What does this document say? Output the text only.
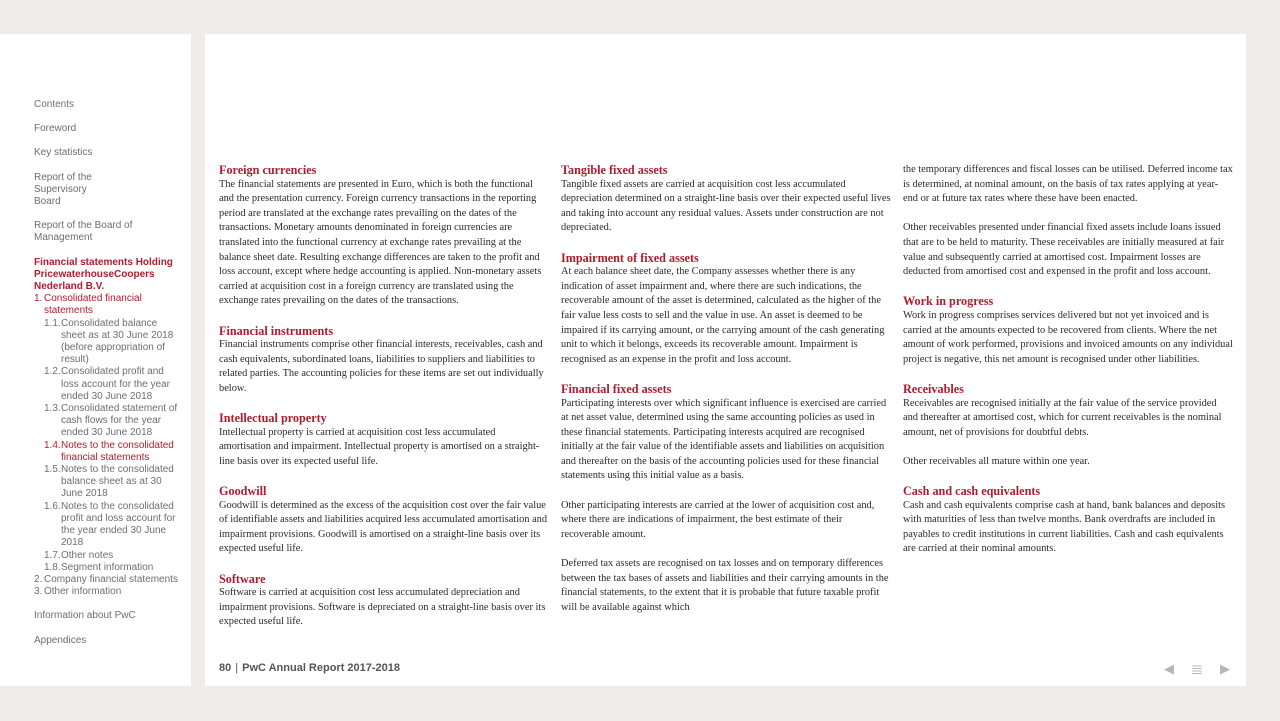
Contents
Foreword
Key statistics
Report of the Supervisory Board
Report of the Board of Management
Financial statements Holding PricewaterhouseCoopers Nederland B.V.
1. Consolidated financial statements
1.1. Consolidated balance sheet as at 30 June 2018 (before appropriation of result)
1.2. Consolidated profit and loss account for the year ended 30 June 2018
1.3. Consolidated statement of cash flows for the year ended 30 June 2018
1.4. Notes to the consolidated financial statements
1.5. Notes to the consolidated balance sheet as at 30 June 2018
1.6. Notes to the consolidated profit and loss account for the year ended 30 June 2018
1.7. Other notes
1.8. Segment information
2. Company financial statements
3. Other information
Information about PwC
Appendices
Foreign currencies

The financial statements are presented in Euro, which is both the functional and the presentation currency. Foreign currency transactions in the reporting period are translated at the exchange rates prevailing on the dates of the transactions. Monetary amounts denominated in foreign currencies are translated into the functional currency at exchange rates prevailing at the balance sheet date. Resulting exchange differences are taken to the profit and loss account, except where hedge accounting is applied. Non-monetary assets carried at acquisition cost in a foreign currency are translated using the exchange rates prevailing on the dates of the transactions.

Financial instruments

Financial instruments comprise other financial interests, receivables, cash and cash equivalents, subordinated loans, liabilities to suppliers and liabilities to related parties. The accounting policies for these items are set out individually below.

Intellectual property

Intellectual property is carried at acquisition cost less accumulated amortisation and impairment. Intellectual property is amortised on a straight-line basis over its expected useful life.

Goodwill

Goodwill is determined as the excess of the acquisition cost over the fair value of identifiable assets and liabilities acquired less accumulated amortisation and impairment provisions. Goodwill is amortised on a straight-line basis over its expected useful life.

Software

Software is carried at acquisition cost less accumulated depreciation and impairment provisions. Software is depreciated on a straight-line basis over its expected useful life.

Tangible fixed assets

Tangible fixed assets are carried at acquisition cost less accumulated depreciation determined on a straight-line basis over their expected useful lives and taking into account any residual values. Assets under construction are not depreciated.

Impairment of fixed assets

At each balance sheet date, the Company assesses whether there is any indication of asset impairment and, where there are such indications, the recoverable amount of the asset is determined, calculated as the higher of the fair value less costs to sell and the value in use. An asset is deemed to be impaired if its carrying amount, or the carrying amount of the cash generating unit to which it belongs, exceeds its recoverable amount. Impairment is recognised as an expense in the profit and loss account.

Financial fixed assets

Participating interests over which significant influence is exercised are carried at net asset value, determined using the same accounting policies as used in these financial statements. Participating interests acquired are recognised initially at the fair value of the identifiable assets and liabilities on acquisition and thereafter on the basis of the accounting policies used for these financial statements using this initial value as a basis.

Other participating interests are carried at the lower of acquisition cost and, where there are indications of impairment, the best estimate of their recoverable amount.

Deferred tax assets are recognised on tax losses and on temporary differences between the tax bases of assets and liabilities and their carrying amounts in the financial statements, to the extent that it is probable that future taxable profit will be available against which

the temporary differences and fiscal losses can be utilised. Deferred income tax is determined, at nominal amount, on the basis of tax rates applying at year-end or at future tax rates where these have been enacted.

Other receivables presented under financial fixed assets include loans issued that are to be held to maturity. These receivables are initially measured at fair value and subsequently carried at amortised cost. Impairment losses are deducted from amortised cost and expensed in the profit and loss account.

Work in progress

Work in progress comprises services delivered but not yet invoiced and is carried at the amounts expected to be recovered from clients. Where the net amount of work performed, provisions and invoiced amounts on any individual project is negative, this net amount is recognised under other liabilities.

Receivables

Receivables are recognised initially at the fair value of the service provided and thereafter at amortised cost, which for current receivables is the nominal amount, net of provisions for doubtful debts.

Other receivables all mature within one year.

Cash and cash equivalents

Cash and cash equivalents comprise cash at hand, bank balances and deposits with maturities of less than twelve months. Bank overdrafts are included in payables to credit institutions in current liabilities. Cash and cash equivalents are carried at their nominal amounts.

80 | PwC Annual Report 2017-2018	◀ ≣ ▶
